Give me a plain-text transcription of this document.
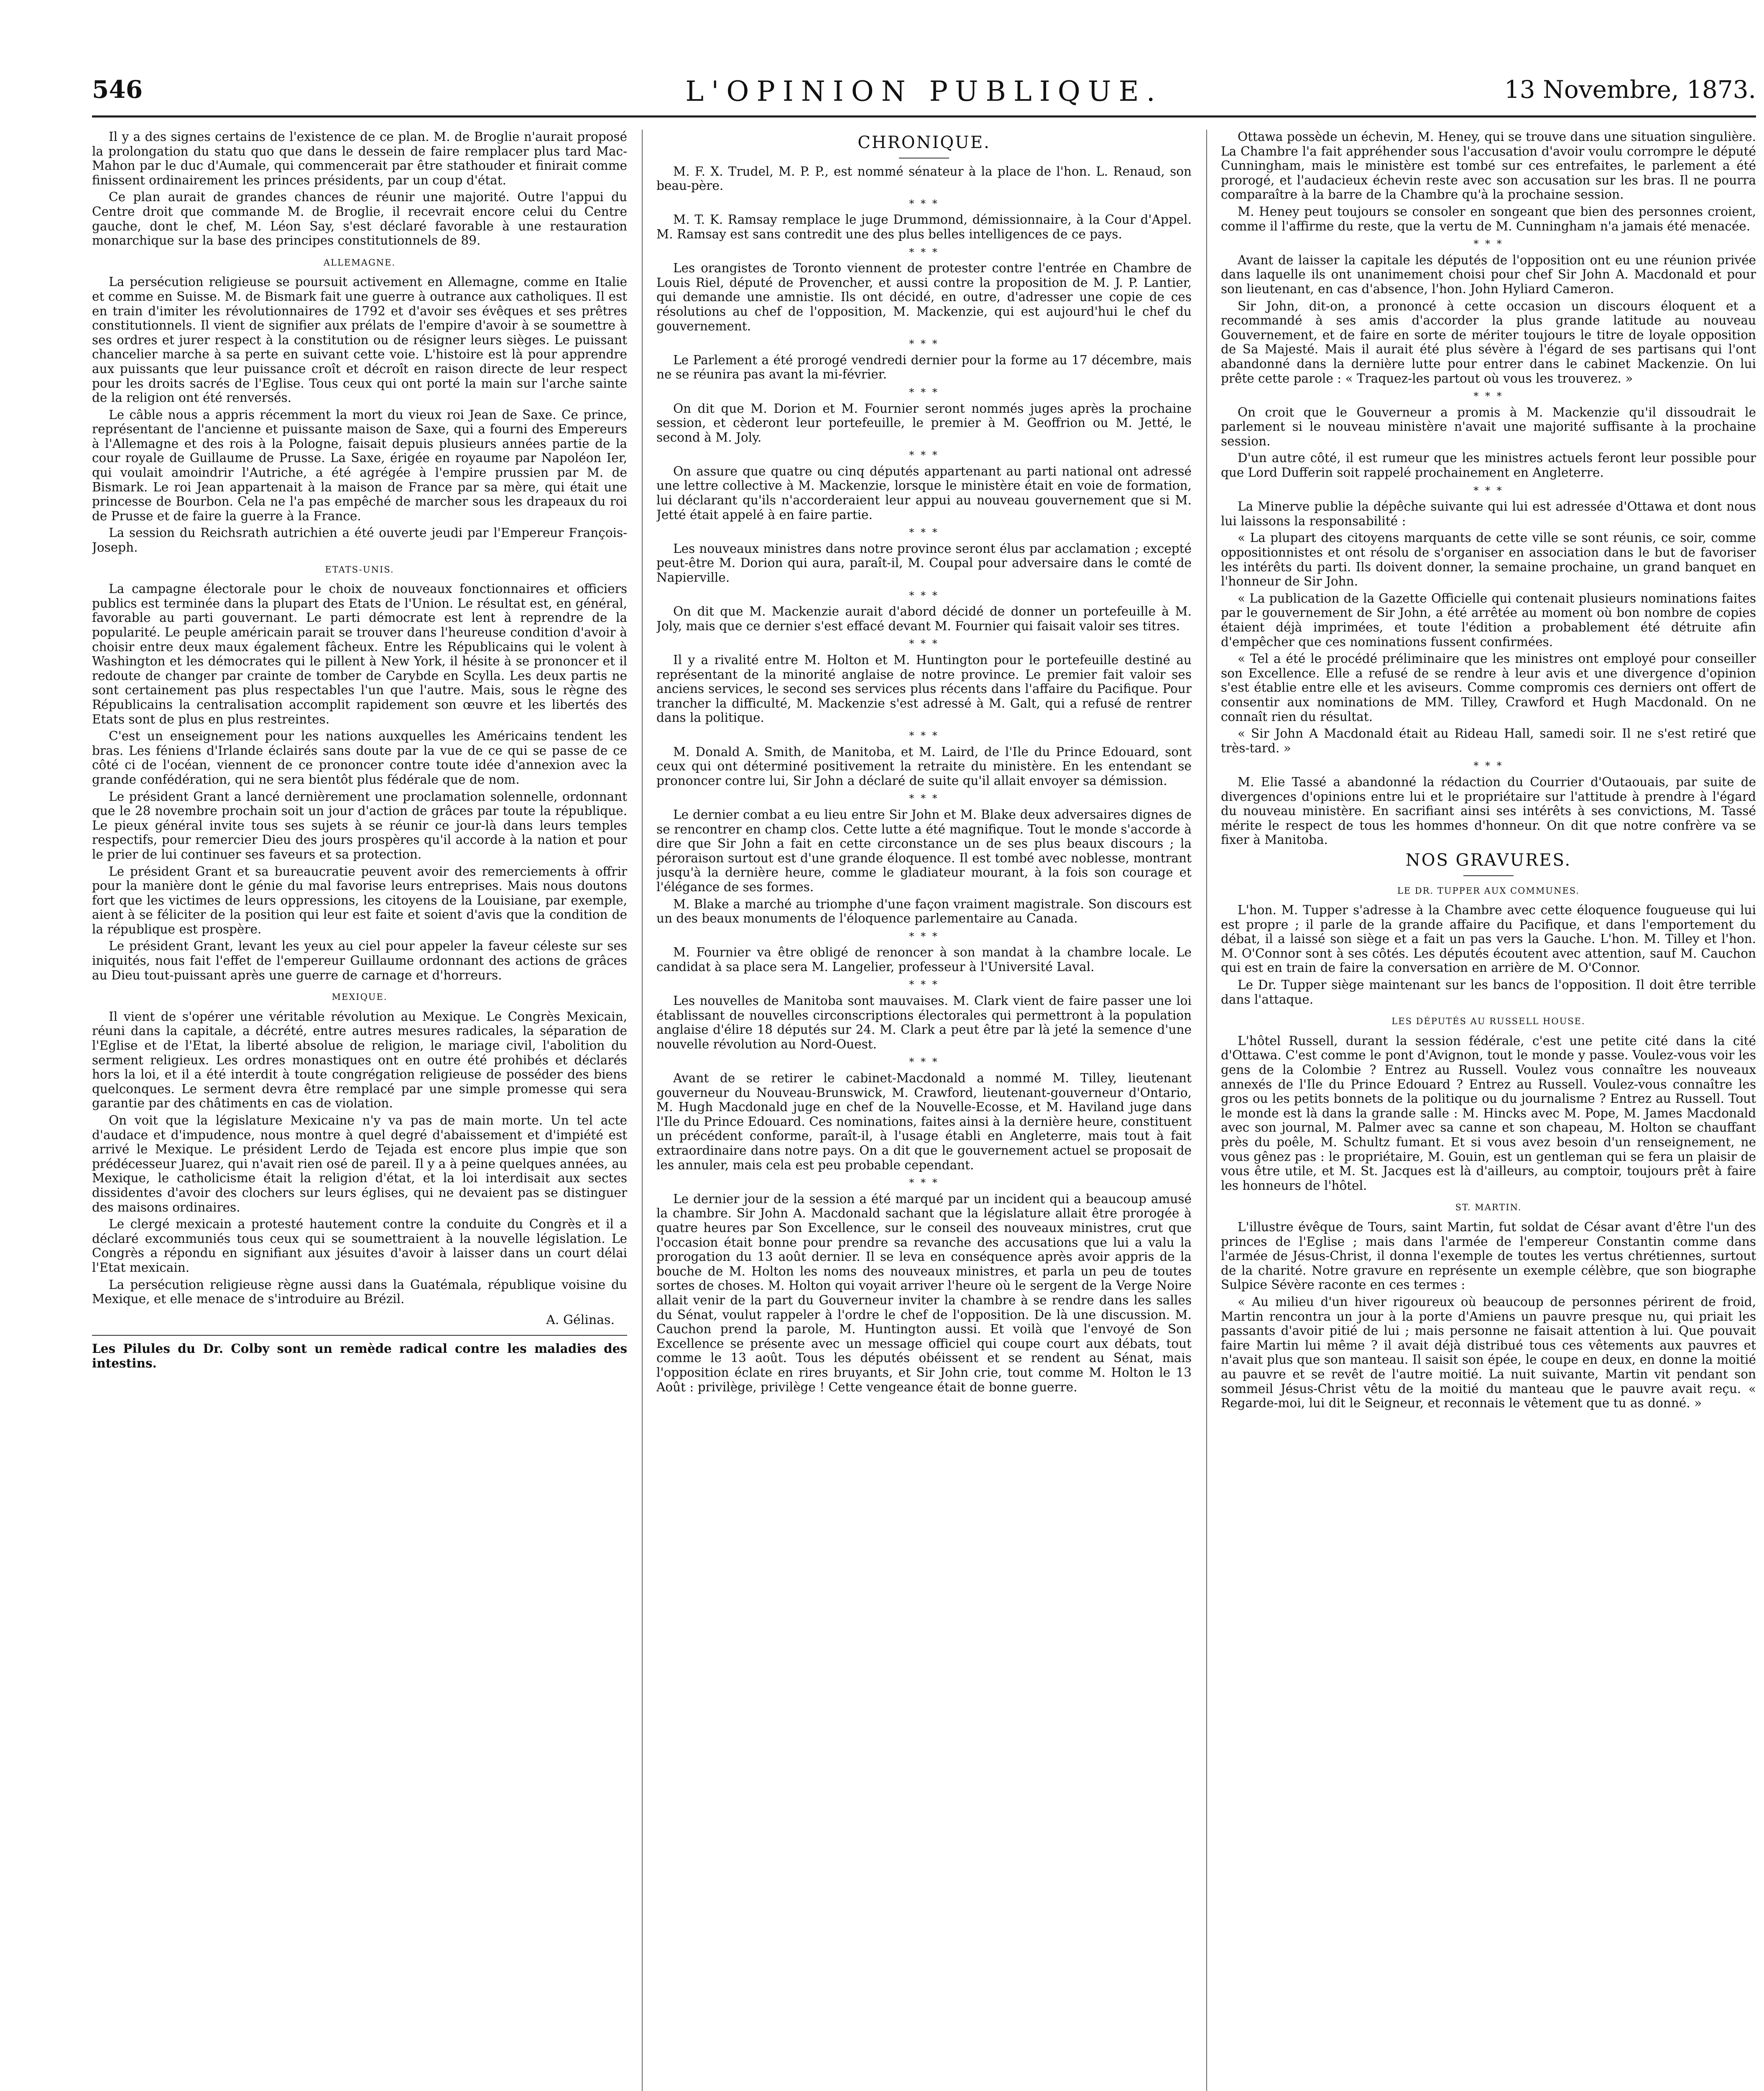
546	L'OPINION PUBLIQUE.	13 Novembre, 1873.

Il y a des signes certains de l'existence de ce plan. M. de Broglie n'aurait proposé la prolongation du statu quo que dans le dessein de faire remplacer plus tard Mac-Mahon par le duc d'Aumale, qui commencerait par être stathouder et finirait comme finissent ordinairement les princes présidents, par un coup d'état.

Ce plan aurait de grandes chances de réunir une majorité. Outre l'appui du Centre droit que commande M. de Broglie, il recevrait encore celui du Centre gauche, dont le chef, M. Léon Say, s'est déclaré favorable à une restauration monarchique sur la base des principes constitutionnels de 89.

ALLEMAGNE.

La persécution religieuse se poursuit activement en Allemagne, comme en Italie et comme en Suisse. M. de Bismark fait une guerre à outrance aux catholiques. Il est en train d'imiter les révolutionnaires de 1792 et d'avoir ses évêques et ses prêtres constitutionnels. Il vient de signifier aux prélats de l'empire d'avoir à se soumettre à ses ordres et jurer respect à la constitution ou de résigner leurs sièges. Le puissant chancelier marche à sa perte en suivant cette voie. L'histoire est là pour apprendre aux puissants que leur puissance croît et décroît en raison directe de leur respect pour les droits sacrés de l'Eglise. Tous ceux qui ont porté la main sur l'arche sainte de la religion ont été renversés.

Le câble nous a appris récemment la mort du vieux roi Jean de Saxe. Ce prince, représentant de l'ancienne et puissante maison de Saxe, qui a fourni des Empereurs à l'Allemagne et des rois à la Pologne, faisait depuis plusieurs années partie de la cour royale de Guillaume de Prusse. La Saxe, érigée en royaume par Napoléon Ier, qui voulait amoindrir l'Autriche, a été agrégée à l'empire prussien par M. de Bismark. Le roi Jean appartenait à la maison de France par sa mère, qui était une princesse de Bourbon. Cela ne l'a pas empêché de marcher sous les drapeaux du roi de Prusse et de faire la guerre à la France.

La session du Reichsrath autrichien a été ouverte jeudi par l'Empereur François-Joseph.

ETATS-UNIS.

La campagne électorale pour le choix de nouveaux fonctionnaires et officiers publics est terminée dans la plupart des Etats de l'Union. Le résultat est, en général, favorable au parti gouvernant. Le parti démocrate est lent à reprendre de la popularité. Le peuple américain parait se trouver dans l'heureuse condition d'avoir à choisir entre deux maux également fâcheux. Entre les Républicains qui le volent à Washington et les démocrates qui le pillent à New York, il hésite à se prononcer et il redoute de changer par crainte de tomber de Carybde en Scylla. Les deux partis ne sont certainement pas plus respectables l'un que l'autre. Mais, sous le règne des Républicains la centralisation accomplit rapidement son œuvre et les libertés des Etats sont de plus en plus restreintes.

C'est un enseignement pour les nations auxquelles les Américains tendent les bras. Les féniens d'Irlande éclairés sans doute par la vue de ce qui se passe de ce côté ci de l'océan, viennent de ce prononcer contre toute idée d'annexion avec la grande confédération, qui ne sera bientôt plus fédérale que de nom.

Le président Grant a lancé dernièrement une proclamation solennelle, ordonnant que le 28 novembre prochain soit un jour d'action de grâces par toute la république. Le pieux général invite tous ses sujets à se réunir ce jour-là dans leurs temples respectifs, pour remercier Dieu des jours prospères qu'il accorde à la nation et pour le prier de lui continuer ses faveurs et sa protection.

Le président Grant et sa bureaucratie peuvent avoir des remerciements à offrir pour la manière dont le génie du mal favorise leurs entreprises. Mais nous doutons fort que les victimes de leurs oppressions, les citoyens de la Louisiane, par exemple, aient à se féliciter de la position qui leur est faite et soient d'avis que la condition de la république est prospère.

Le président Grant, levant les yeux au ciel pour appeler la faveur céleste sur ses iniquités, nous fait l'effet de l'empereur Guillaume ordonnant des actions de grâces au Dieu tout-puissant après une guerre de carnage et d'horreurs.

MEXIQUE.

Il vient de s'opérer une véritable révolution au Mexique. Le Congrès Mexicain, réuni dans la capitale, a décrété, entre autres mesures radicales, la séparation de l'Eglise et de l'Etat, la liberté absolue de religion, le mariage civil, l'abolition du serment religieux. Les ordres monastiques ont en outre été prohibés et déclarés hors la loi, et il a été interdit à toute congrégation religieuse de posséder des biens quelconques. Le serment devra être remplacé par une simple promesse qui sera garantie par des châtiments en cas de violation.

On voit que la législature Mexicaine n'y va pas de main morte. Un tel acte d'audace et d'impudence, nous montre à quel degré d'abaissement et d'impiété est arrivé le Mexique. Le président Lerdo de Tejada est encore plus impie que son prédécesseur Juarez, qui n'avait rien osé de pareil. Il y a à peine quelques années, au Mexique, le catholicisme était la religion d'état, et la loi interdisait aux sectes dissidentes d'avoir des clochers sur leurs églises, qui ne devaient pas se distinguer des maisons ordinaires.

Le clergé mexicain a protesté hautement contre la conduite du Congrès et il a déclaré excommuniés tous ceux qui se soumettraient à la nouvelle législation. Le Congrès a répondu en signifiant aux jésuites d'avoir à laisser dans un court délai l'Etat mexicain.

La persécution religieuse règne aussi dans la Guatémala, république voisine du Mexique, et elle menace de s'introduire au Brézil.

A. Gélinas.

Les Pilules du Dr. Colby sont un remède radical contre les maladies des intestins.

CHRONIQUE.

M. F. X. Trudel, M. P. P., est nommé sénateur à la place de l'hon. L. Renaud, son beau-père.

* * *

M. T. K. Ramsay remplace le juge Drummond, démissionnaire, à la Cour d'Appel. M. Ramsay est sans contredit une des plus belles intelligences de ce pays.

* * *

Les orangistes de Toronto viennent de protester contre l'entrée en Chambre de Louis Riel, député de Provencher, et aussi contre la proposition de M. J. P. Lantier, qui demande une amnistie. Ils ont décidé, en outre, d'adresser une copie de ces résolutions au chef de l'opposition, M. Mackenzie, qui est aujourd'hui le chef du gouvernement.

* * *

Le Parlement a été prorogé vendredi dernier pour la forme au 17 décembre, mais ne se réunira pas avant la mi-février.

* * *

On dit que M. Dorion et M. Fournier seront nommés juges après la prochaine session, et cèderont leur portefeuille, le premier à M. Geoffrion ou M. Jetté, le second à M. Joly.

* * *

On assure que quatre ou cinq députés appartenant au parti national ont adressé une lettre collective à M. Mackenzie, lorsque le ministère était en voie de formation, lui déclarant qu'ils n'accorderaient leur appui au nouveau gouvernement que si M. Jetté était appelé à en faire partie.

* * *

Les nouveaux ministres dans notre province seront élus par acclamation ; excepté peut-être M. Dorion qui aura, paraît-il, M. Coupal pour adversaire dans le comté de Napierville.

* * *

On dit que M. Mackenzie aurait d'abord décidé de donner un portefeuille à M. Joly, mais que ce dernier s'est effacé devant M. Fournier qui faisait valoir ses titres.

* * *

Il y a rivalité entre M. Holton et M. Huntington pour le portefeuille destiné au représentant de la minorité anglaise de notre province. Le premier fait valoir ses anciens services, le second ses services plus récents dans l'affaire du Pacifique. Pour trancher la difficulté, M. Mackenzie s'est adressé à M. Galt, qui a refusé de rentrer dans la politique.

* * *

M. Donald A. Smith, de Manitoba, et M. Laird, de l'Ile du Prince Edouard, sont ceux qui ont déterminé positivement la retraite du ministère. En les entendant se prononcer contre lui, Sir John a déclaré de suite qu'il allait envoyer sa démission.

* * *

Le dernier combat a eu lieu entre Sir John et M. Blake deux adversaires dignes de se rencontrer en champ clos. Cette lutte a été magnifique. Tout le monde s'accorde à dire que Sir John a fait en cette circonstance un de ses plus beaux discours ; la péroraison surtout est d'une grande éloquence. Il est tombé avec noblesse, montrant jusqu'à la dernière heure, comme le gladiateur mourant, à la fois son courage et l'élégance de ses formes.

M. Blake a marché au triomphe d'une façon vraiment magistrale. Son discours est un des beaux monuments de l'éloquence parlementaire au Canada.

* * *

M. Fournier va être obligé de renoncer à son mandat à la chambre locale. Le candidat à sa place sera M. Langelier, professeur à l'Université Laval.

* * *

Les nouvelles de Manitoba sont mauvaises. M. Clark vient de faire passer une loi établissant de nouvelles circonscriptions électorales qui permettront à la population anglaise d'élire 18 députés sur 24. M. Clark a peut être par là jeté la semence d'une nouvelle révolution au Nord-Ouest.

* * *

Avant de se retirer le cabinet-Macdonald a nommé M. Tilley, lieutenant gouverneur du Nouveau-Brunswick, M. Crawford, lieutenant-gouverneur d'Ontario, M. Hugh Macdonald juge en chef de la Nouvelle-Ecosse, et M. Haviland juge dans l'Ile du Prince Edouard. Ces nominations, faites ainsi à la dernière heure, constituent un précédent conforme, paraît-il, à l'usage établi en Angleterre, mais tout à fait extraordinaire dans notre pays. On a dit que le gouvernement actuel se proposait de les annuler, mais cela est peu probable cependant.

* * *

Le dernier jour de la session a été marqué par un incident qui a beaucoup amusé la chambre. Sir John A. Macdonald sachant que la législature allait être prorogée à quatre heures par Son Excellence, sur le conseil des nouveaux ministres, crut que l'occasion était bonne pour prendre sa revanche des accusations que lui a valu la prorogation du 13 août dernier. Il se leva en conséquence après avoir appris de la bouche de M. Holton les noms des nouveaux ministres, et parla un peu de toutes sortes de choses. M. Holton qui voyait arriver l'heure où le sergent de la Verge Noire allait venir de la part du Gouverneur inviter la chambre à se rendre dans les salles du Sénat, voulut rappeler à l'ordre le chef de l'opposition. De là une discussion. M. Cauchon prend la parole, M. Huntington aussi. Et voilà que l'envoyé de Son Excellence se présente avec un message officiel qui coupe court aux débats, tout comme le 13 août. Tous les députés obéissent et se rendent au Sénat, mais l'opposition éclate en rires bruyants, et Sir John crie, tout comme M. Holton le 13 Août : privilège, privilège ! Cette vengeance était de bonne guerre.

Ottawa possède un échevin, M. Heney, qui se trouve dans une situation singulière. La Chambre l'a fait appréhender sous l'accusation d'avoir voulu corrompre le député Cunningham, mais le ministère est tombé sur ces entrefaites, le parlement a été prorogé, et l'audacieux échevin reste avec son accusation sur les bras. Il ne pourra comparaître à la barre de la Chambre qu'à la prochaine session.

M. Heney peut toujours se consoler en songeant que bien des personnes croient, comme il l'affirme du reste, que la vertu de M. Cunningham n'a jamais été menacée.

* * *

Avant de laisser la capitale les députés de l'opposition ont eu une réunion privée dans laquelle ils ont unanimement choisi pour chef Sir John A. Macdonald et pour son lieutenant, en cas d'absence, l'hon. John Hyliard Cameron.

Sir John, dit-on, a prononcé à cette occasion un discours éloquent et a recommandé à ses amis d'accorder la plus grande latitude au nouveau Gouvernement, et de faire en sorte de mériter toujours le titre de loyale opposition de Sa Majesté. Mais il aurait été plus sévère à l'égard de ses partisans qui l'ont abandonné dans la dernière lutte pour entrer dans le cabinet Mackenzie. On lui prête cette parole : « Traquez-les partout où vous les trouverez. »

* * *

On croit que le Gouverneur a promis à M. Mackenzie qu'il dissoudrait le parlement si le nouveau ministère n'avait une majorité suffisante à la prochaine session.

D'un autre côté, il est rumeur que les ministres actuels feront leur possible pour que Lord Dufferin soit rappelé prochainement en Angleterre.

* * *

La Minerve publie la dépêche suivante qui lui est adressée d'Ottawa et dont nous lui laissons la responsabilité :

« La plupart des citoyens marquants de cette ville se sont réunis, ce soir, comme oppositionnistes et ont résolu de s'organiser en association dans le but de favoriser les intérêts du parti. Ils doivent donner, la semaine prochaine, un grand banquet en l'honneur de Sir John.

« La publication de la Gazette Officielle qui contenait plusieurs nominations faites par le gouvernement de Sir John, a été arrêtée au moment où bon nombre de copies étaient déjà imprimées, et toute l'édition a probablement été détruite afin d'empêcher que ces nominations fussent confirmées.

« Tel a été le procédé préliminaire que les ministres ont employé pour conseiller son Excellence. Elle a refusé de se rendre à leur avis et une divergence d'opinion s'est établie entre elle et les aviseurs. Comme compromis ces derniers ont offert de consentir aux nominations de MM. Tilley, Crawford et Hugh Macdonald. On ne connaît rien du résultat.

« Sir John A Macdonald était au Rideau Hall, samedi soir. Il ne s'est retiré que très-tard. »

* * *

M. Elie Tassé a abandonné la rédaction du Courrier d'Outaouais, par suite de divergences d'opinions entre lui et le propriétaire sur l'attitude à prendre à l'égard du nouveau ministère. En sacrifiant ainsi ses intérêts à ses convictions, M. Tassé mérite le respect de tous les hommes d'honneur. On dit que notre confrère va se fixer à Manitoba.

NOS GRAVURES.
LE DR. TUPPER AUX COMMUNES.

L'hon. M. Tupper s'adresse à la Chambre avec cette éloquence fougueuse qui lui est propre ; il parle de la grande affaire du Pacifique, et dans l'emportement du débat, il a laissé son siège et a fait un pas vers la Gauche. L'hon. M. Tilley et l'hon. M. O'Connor sont à ses côtés. Les députés écoutent avec attention, sauf M. Cauchon qui est en train de faire la conversation en arrière de M. O'Connor.

Le Dr. Tupper siège maintenant sur les bancs de l'opposition. Il doit être terrible dans l'attaque.

LES DÉPUTÉS AU RUSSELL HOUSE.

L'hôtel Russell, durant la session fédérale, c'est une petite cité dans la cité d'Ottawa. C'est comme le pont d'Avignon, tout le monde y passe. Voulez-vous voir les gens de la Colombie ? Entrez au Russell. Voulez vous connaître les nouveaux annexés de l'Ile du Prince Edouard ? Entrez au Russell. Voulez-vous connaître les gros ou les petits bonnets de la politique ou du journalisme ? Entrez au Russell. Tout le monde est là dans la grande salle : M. Hincks avec M. Pope, M. James Macdonald avec son journal, M. Palmer avec sa canne et son chapeau, M. Holton se chauffant près du poêle, M. Schultz fumant. Et si vous avez besoin d'un renseignement, ne vous gênez pas : le propriétaire, M. Gouin, est un gentleman qui se fera un plaisir de vous être utile, et M. St. Jacques est là d'ailleurs, au comptoir, toujours prêt à faire les honneurs de l'hôtel.

ST. MARTIN.

L'illustre évêque de Tours, saint Martin, fut soldat de César avant d'être l'un des princes de l'Eglise ; mais dans l'armée de l'empereur Constantin comme dans l'armée de Jésus-Christ, il donna l'exemple de toutes les vertus chrétiennes, surtout de la charité. Notre gravure en représente un exemple célèbre, que son biographe Sulpice Sévère raconte en ces termes :

« Au milieu d'un hiver rigoureux où beaucoup de personnes périrent de froid, Martin rencontra un jour à la porte d'Amiens un pauvre presque nu, qui priait les passants d'avoir pitié de lui ; mais personne ne faisait attention à lui. Que pouvait faire Martin lui même ? il avait déjà distribué tous ces vêtements aux pauvres et n'avait plus que son manteau. Il saisit son épée, le coupe en deux, en donne la moitié au pauvre et se revêt de l'autre moitié. La nuit suivante, Martin vit pendant son sommeil Jésus-Christ vêtu de la moitié du manteau que le pauvre avait reçu. « Regarde-moi, lui dit le Seigneur, et reconnais le vêtement que tu as donné. »
